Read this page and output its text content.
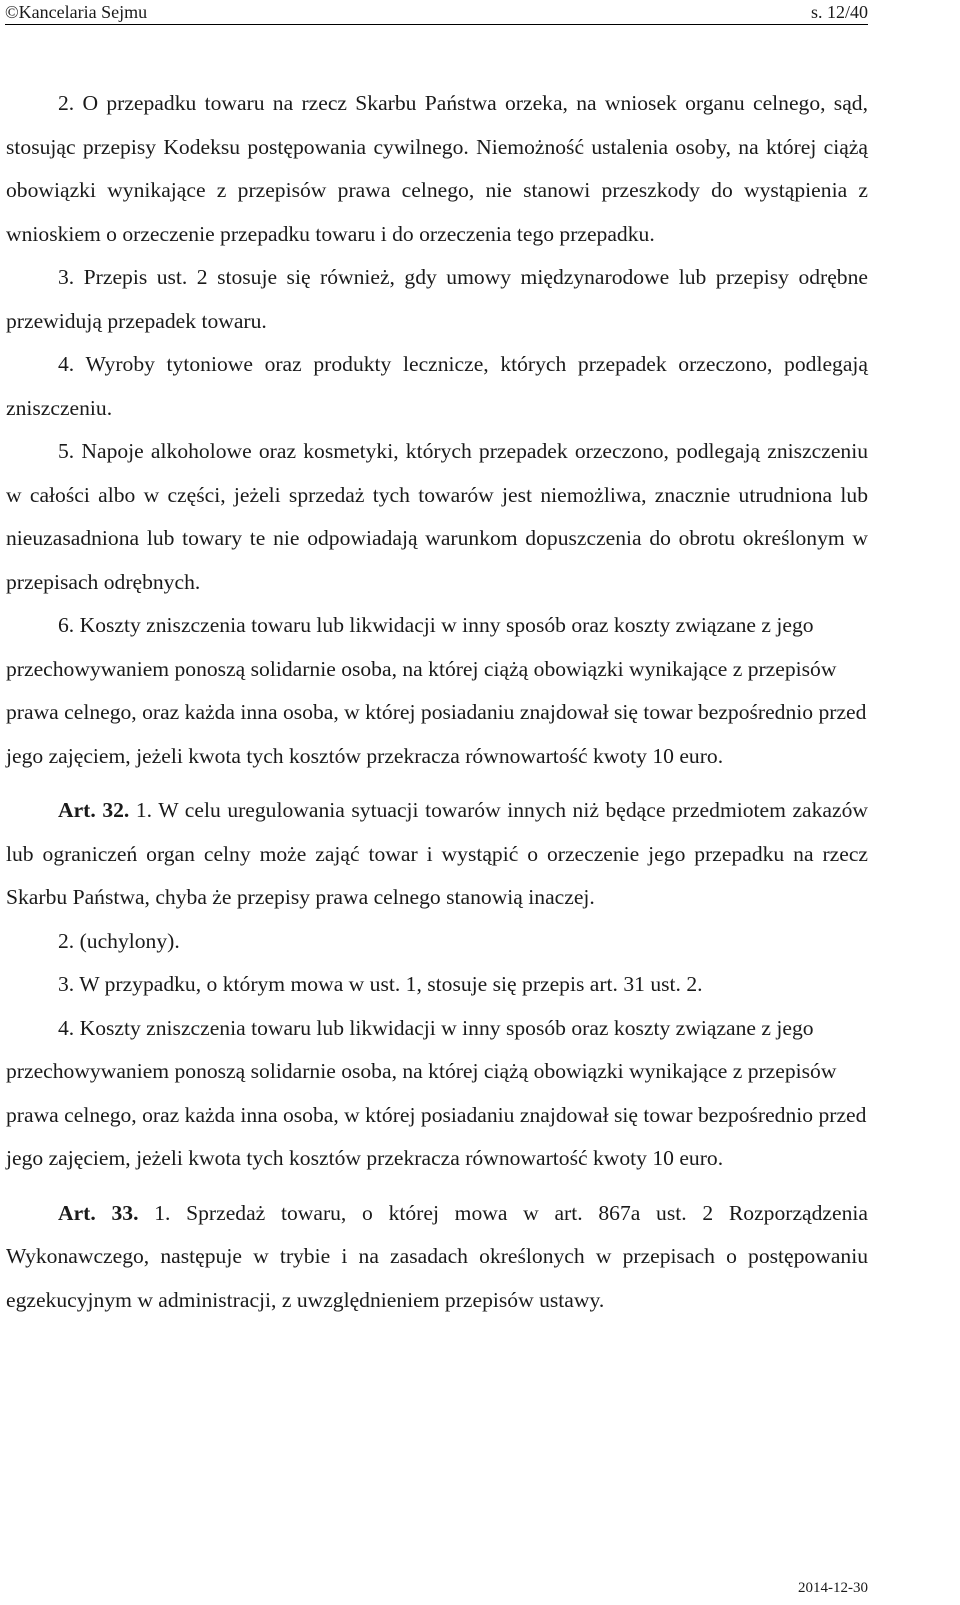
©Kancelaria Sejmu	s. 12/40

2. O przepadku towaru na rzecz Skarbu Państwa orzeka, na wniosek organu celnego, sąd, stosując przepisy Kodeksu postępowania cywilnego. Niemożność ustalenia osoby, na której ciążą obowiązki wynikające z przepisów prawa celnego, nie stanowi przeszkody do wystąpienia z wnioskiem o orzeczenie przepadku towaru i do orzeczenia tego przepadku.

3. Przepis ust. 2 stosuje się również, gdy umowy międzynarodowe lub przepisy odrębne przewidują przepadek towaru.

4. Wyroby tytoniowe oraz produkty lecznicze, których przepadek orzeczono, podlegają zniszczeniu.

5. Napoje alkoholowe oraz kosmetyki, których przepadek orzeczono, podlegają zniszczeniu w całości albo w części, jeżeli sprzedaż tych towarów jest niemożliwa, znacznie utrudniona lub nieuzasadniona lub towary te nie odpowiadają warunkom dopuszczenia do obrotu określonym w przepisach odrębnych.

6. Koszty zniszczenia towaru lub likwidacji w inny sposób oraz koszty związane z jego przechowywaniem ponoszą solidarnie osoba, na której ciążą obowiązki wynikające z przepisów prawa celnego, oraz każda inna osoba, w której posiadaniu znajdował się towar bezpośrednio przed jego zajęciem, jeżeli kwota tych kosztów przekracza równowartość kwoty 10 euro.

Art. 32. 1. W celu uregulowania sytuacji towarów innych niż będące przedmiotem zakazów lub ograniczeń organ celny może zająć towar i wystąpić o orzeczenie jego przepadku na rzecz Skarbu Państwa, chyba że przepisy prawa celnego stanowią inaczej.

2. (uchylony).

3. W przypadku, o którym mowa w ust. 1, stosuje się przepis art. 31 ust. 2.

4. Koszty zniszczenia towaru lub likwidacji w inny sposób oraz koszty związane z jego przechowywaniem ponoszą solidarnie osoba, na której ciążą obowiązki wynikające z przepisów prawa celnego, oraz każda inna osoba, w której posiadaniu znajdował się towar bezpośrednio przed jego zajęciem, jeżeli kwota tych kosztów przekracza równowartość kwoty 10 euro.

Art. 33. 1. Sprzedaż towaru, o której mowa w art. 867a ust. 2 Rozporządzenia Wykonawczego, następuje w trybie i na zasadach określonych w przepisach o postępowaniu egzekucyjnym w administracji, z uwzględnieniem przepisów ustawy.

2014-12-30
